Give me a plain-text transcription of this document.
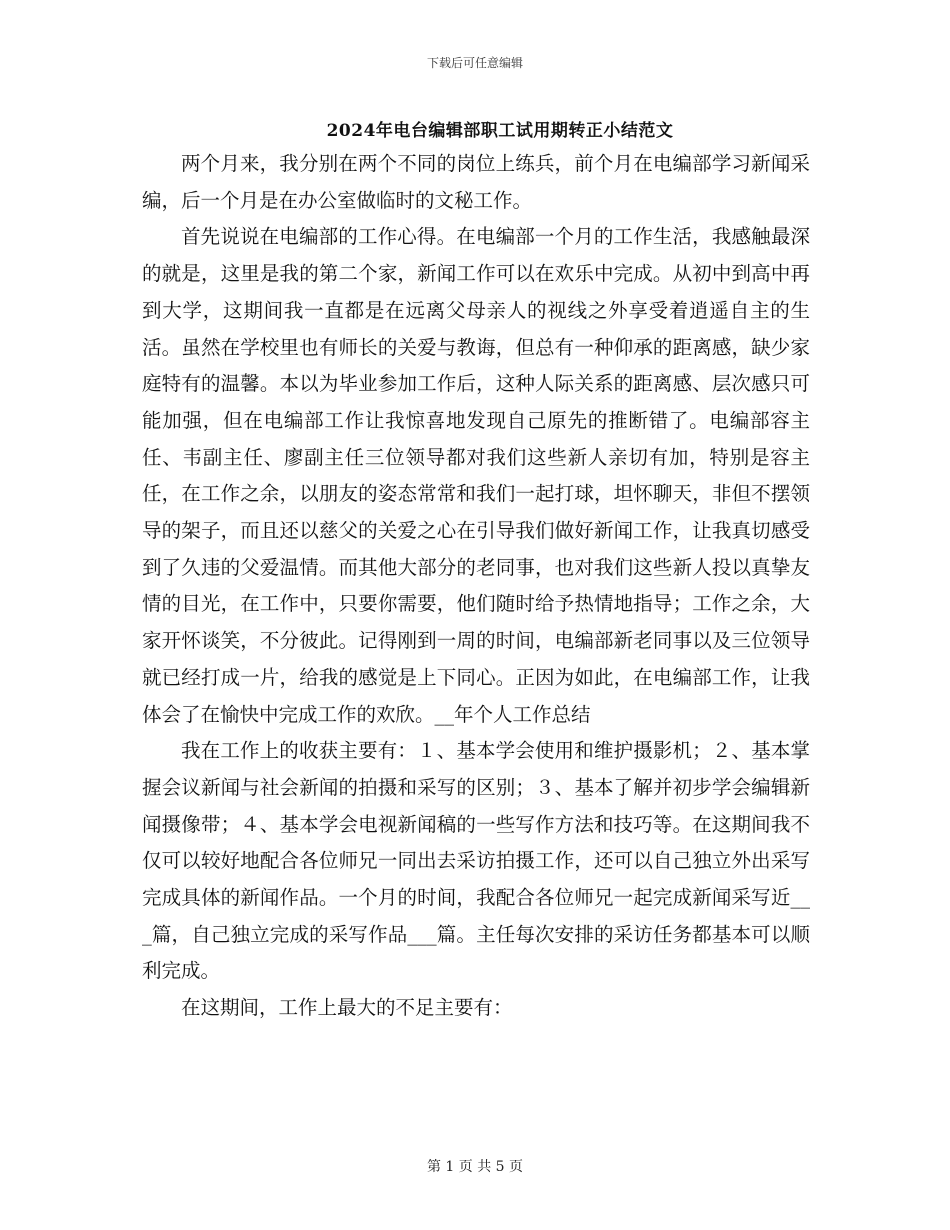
下载后可任意编辑
2024年电台编辑部职工试用期转正小结范文

两个月来，我分别在两个不同的岗位上练兵，前个月在电编部学习新闻采编，后一个月是在办公室做临时的文秘工作。

首先说说在电编部的工作心得。在电编部一个月的工作生活，我感触最深的就是，这里是我的第二个家，新闻工作可以在欢乐中完成。从初中到高中再到大学，这期间我一直都是在远离父母亲人的视线之外享受着逍遥自主的生活。虽然在学校里也有师长的关爱与教诲，但总有一种仰承的距离感，缺少家庭特有的温馨。本以为毕业参加工作后，这种人际关系的距离感、层次感只可能加强，但在电编部工作让我惊喜地发现自己原先的推断错了。电编部容主任、韦副主任、廖副主任三位领导都对我们这些新人亲切有加，特别是容主任，在工作之余，以朋友的姿态常常和我们一起打球，坦怀聊天，非但不摆领导的架子，而且还以慈父的关爱之心在引导我们做好新闻工作，让我真切感受到了久违的父爱温情。而其他大部分的老同事，也对我们这些新人投以真挚友情的目光，在工作中，只要你需要，他们随时给予热情地指导；工作之余，大家开怀谈笑，不分彼此。记得刚到一周的时间，电编部新老同事以及三位领导就已经打成一片，给我的感觉是上下同心。正因为如此，在电编部工作，让我体会了在愉快中完成工作的欢欣。__年个人工作总结

我在工作上的收获主要有：１、基本学会使用和维护摄影机；２、基本掌握会议新闻与社会新闻的拍摄和采写的区别；３、基本了解并初步学会编辑新闻摄像带；４、基本学会电视新闻稿的一些写作方法和技巧等。在这期间我不仅可以较好地配合各位师兄一同出去采访拍摄工作，还可以自己独立外出采写完成具体的新闻作品。一个月的时间，我配合各位师兄一起完成新闻采写近___篇，自己独立完成的采写作品___篇。主任每次安排的采访任务都基本可以顺利完成。

在这期间，工作上最大的不足主要有：

第 1 页 共 5 页
